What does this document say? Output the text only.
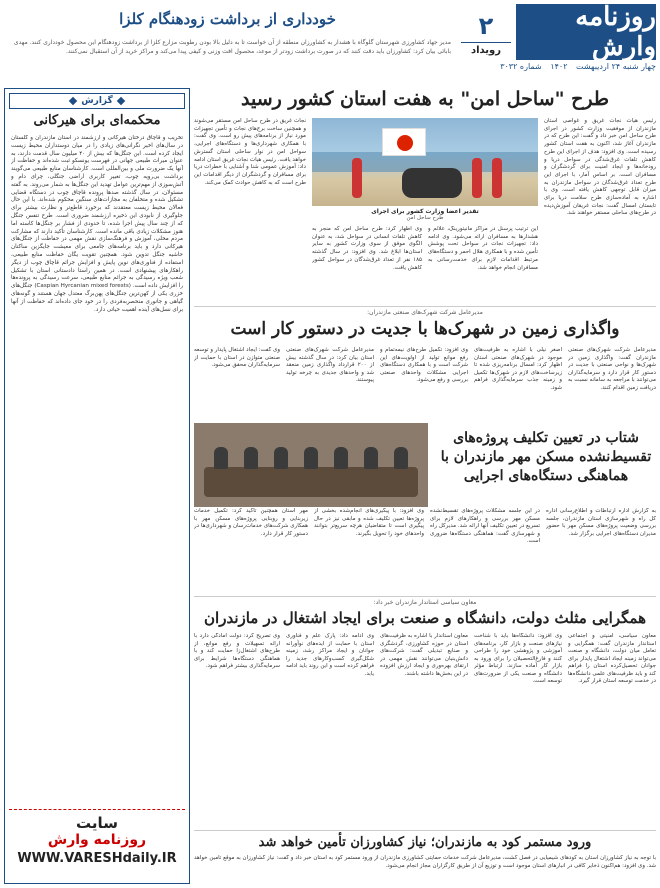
روزنامه وارش
۲
رویداد
چهار شنبه ۲۴ اردیبهشت ۱۴۰۲ شماره ۳۰۳۲
خودداری از برداشت زودهنگام کلزا
مدیر جهاد کشاورزی شهرستان گلوگاه با هشدار به کشاورزان منطقه از آن خواست تا به دلیل بالا بودن رطوبت مزارع کلزا از برداشت زودهنگام این محصول خودداری کنند. مهدی بابائی بیان کرد: کشاورزان باید دقت کنند که در صورت برداشت زودتر از موعد، محصول افت وزنی و کیفی پیدا می‌کند و مراکز خرید از آن استقبال نمی‌کنند.
گزارش
محکمه‌ای برای هیرکانی
تخریب و قاچاق درختان هیرکانی و ارزشمند در استان مازندران و گلستان در سال‌های اخیر نگرانی‌های زیادی را در میان دوستداران محیط زیست ایجاد کرده است. این جنگل‌ها که بیش از ۴۰ میلیون سال قدمت دارند، به عنوان میراث طبیعی جهانی در فهرست یونسکو ثبت شده‌اند و حفاظت از آنها یک ضرورت ملی و بین‌المللی است. کارشناسان منابع طبیعی می‌گویند برداشت بی‌رویه چوب، تغییر کاربری اراضی جنگلی، چرای دام و آتش‌سوزی از مهم‌ترین عوامل تهدید این جنگل‌ها به شمار می‌روند. به گفته مسئولان، در سال گذشته صدها پرونده قاچاق چوب در دستگاه قضایی تشکیل شده و متخلفان به مجازات‌های سنگین محکوم شده‌اند. با این حال فعالان محیط زیست معتقدند که برخورد قاطع‌تر و نظارت بیشتر برای جلوگیری از نابودی این ذخیره ارزشمند ضروری است. طرح تنفس جنگل که از چند سال پیش اجرا شده، تا حدودی از فشار بر جنگل‌ها کاسته اما هنوز مشکلات زیادی باقی مانده است. کارشناسان تأکید دارند که مشارکت مردم محلی، آموزش و فرهنگ‌سازی نقش مهمی در حفاظت از جنگل‌های هیرکانی دارد و باید برنامه‌های جامعی برای معیشت جایگزین ساکنان حاشیه جنگل تدوین شود. همچنین تقویت یگان حفاظت منابع طبیعی، استفاده از فناوری‌های نوین پایش و افزایش جرائم قاچاق چوب از دیگر راهکارهای پیشنهادی است. در همین راستا دادستانی استان با تشکیل شعب ویژه رسیدگی به جرائم منابع طبیعی، سرعت رسیدگی به پرونده‌ها را افزایش داده است. (Caspian Hyrcanian mixed forests) جنگل‌های خزری یکی از کهن‌ترین جنگل‌های پهن‌برگ معتدل جهان هستند و گونه‌های گیاهی و جانوری منحصربه‌فردی را در خود جای داده‌اند که حفاظت از آنها برای نسل‌های آینده اهمیت حیاتی دارد.
سایت
روزنامه وارش
WWW.VARESHdaily.IR
طرح "ساحل امن" به هفت استان کشور رسید
رئیس هیات نجات غریق و غواصی استان مازندران از موفقیت وزارت کشور در اجرای طرح ساحل امن خبر داد و گفت: این طرح که در مازندران آغاز شد، اکنون به هفت استان کشور رسیده است. وی افزود: هدف از اجرای این طرح کاهش تلفات غرق‌شدگی در سواحل دریا و رودخانه‌ها و ایجاد امنیت برای گردشگران و مسافران است. بر اساس آمار، با اجرای این طرح تعداد غرق‌شدگان در سواحل مازندران به میزان قابل توجهی کاهش یافته است. وی با اشاره به آماده‌سازی طرح سلامت دریا برای تابستان امسال گفت: نجات غریقان آموزش‌دیده در طرح‌های ساحلی مستقر خواهند شد.
تقدیر اعضا وزارت کشور برای اجرای
طرح ساحل امن
این ترتیب پرسنل در مراکز مانیتورینگ، علائم و هشدارها به مسافران ارائه می‌شود. وی ادامه داد: تجهیزات نجات در سواحل تحت پوشش تأمین شده و با همکاری هلال احمر و دستگاه‌های مرتبط اقدامات لازم برای خدمت‌رسانی به مسافران انجام خواهد شد.
وی اظهار کرد: طرح ساحل امن که منجر به کاهش تلفات انسانی در سواحل شد، به عنوان الگوی موفق از سوی وزارت کشور به سایر استان‌ها ابلاغ شد. وی افزود: در سال گذشته ۱۸۵ نفر از تعداد غرق‌شدگان در سواحل کشور کاهش یافت.
نجات غریق در طرح ساحل امن مستقر می‌شوند و همچنین ساخت برج‌های نجات و تأمین تجهیزات مورد نیاز از برنامه‌های پیش رو است. وی گفت: با همکاری شهرداری‌ها و دستگاه‌های اجرایی، سواحل امن در نوار ساحلی استان گسترش خواهد یافت. رئیس هیات نجات غریق استان ادامه داد: آموزش عمومی شنا و آشنایی با خطرات دریا برای مسافران و گردشگران از دیگر اقدامات این طرح است که به کاهش حوادث کمک می‌کند.
مدیرعامل شرکت شهرک‌های صنعتی مازندران:
واگذاری زمین در شهرک‌ها با جدیت در دستور کار است
مدیرعامل شرکت شهرک‌های صنعتی مازندران گفت: واگذاری زمین در شهرک‌ها و نواحی صنعتی با جدیت در دستور کار قرار دارد و سرمایه‌گذاران می‌توانند با مراجعه به سامانه نسبت به دریافت زمین اقدام کنند.
اصغر نیلی با اشاره به ظرفیت‌های موجود در شهرک‌های صنعتی استان اظهار کرد: امسال برنامه‌ریزی شده تا زیرساخت‌های لازم در شهرک‌ها تکمیل و زمینه جذب سرمایه‌گذاری فراهم شود.
وی افزود: تکمیل طرح‌های نیمه‌تمام و رفع موانع تولید از اولویت‌های این شرکت است و با همکاری دستگاه‌های اجرایی مشکلات واحدهای صنعتی بررسی و رفع می‌شود.
مدیرعامل شرکت شهرک‌های صنعتی استان بیان کرد: در سال گذشته بیش از ۲۰۰ قرارداد واگذاری زمین منعقد شد و واحدهای جدیدی به چرخه تولید پیوستند.
وی گفت: ایجاد اشتغال پایدار و توسعه صنعتی متوازن در استان با حمایت از سرمایه‌گذاران محقق می‌شود.
شتاب در تعیین تکلیف پروژه‌های تقسیط‌نشده مسکن مهر مازندران با هماهنگی دستگاه‌های اجرایی
به گزارش اداره ارتباطات و اطلاع‌رسانی اداره کل راه و شهرسازی استان مازندران، جلسه بررسی وضعیت پروژه‌های مسکن مهر با حضور مدیران دستگاه‌های اجرایی برگزار شد.
در این جلسه مشکلات پروژه‌های تقسیط‌نشده مسکن مهر بررسی و راهکارهای لازم برای تسریع در تعیین تکلیف آنها ارائه شد. مدیرکل راه و شهرسازی گفت: هماهنگی دستگاه‌ها ضروری است.
وی افزود: با پیگیری‌های انجام‌شده بخشی از پروژه‌ها تعیین تکلیف شده و مابقی نیز در حال پیگیری است تا متقاضیان هرچه سریع‌تر بتوانند واحدهای خود را تحویل بگیرند.
مهر استان همچنین تأکید کرد: تکمیل خدمات زیربنایی و روبنایی پروژه‌های مسکن مهر با همکاری شرکت‌های خدمات‌رسان و شهرداری‌ها در دستور کار قرار دارد.
معاون سیاسی استاندار مازندران خبر داد:
همگرایی مثلث دولت، دانشگاه و صنعت برای ایجاد اشتغال در مازندران
معاون سیاسی، امنیتی و اجتماعی استاندار مازندران گفت: همگرایی و تعامل میان دولت، دانشگاه و صنعت می‌تواند زمینه ایجاد اشتغال پایدار برای جوانان تحصیل‌کرده استان را فراهم کند و باید ظرفیت‌های علمی دانشگاه‌ها در خدمت توسعه استان قرار گیرد.
وی افزود: دانشگاه‌ها باید با شناخت نیازهای صنعت و بازار کار، برنامه‌های آموزشی و پژوهشی خود را طراحی کنند و فارغ‌التحصیلان را برای ورود به بازار کار آماده سازند. ارتباط مؤثر دانشگاه و صنعت یکی از ضرورت‌های توسعه است.
معاون استاندار با اشاره به ظرفیت‌های استان در حوزه کشاورزی، گردشگری و صنایع تبدیلی گفت: شرکت‌های دانش‌بنیان می‌توانند نقش مهمی در ارتقای بهره‌وری و ایجاد ارزش افزوده در این بخش‌ها داشته باشند.
وی ادامه داد: پارک علم و فناوری استان با حمایت از ایده‌های نوآورانه جوانان و ایجاد مراکز رشد، زمینه شکل‌گیری کسب‌وکارهای جدید را فراهم کرده است و این روند باید ادامه یابد.
وی تصریح کرد: دولت آمادگی دارد با ارائه تسهیلات و رفع موانع، از طرح‌های اشتغال‌زا حمایت کند و با هماهنگی دستگاه‌ها شرایط برای سرمایه‌گذاری بیشتر فراهم شود.
ورود مستمر کود به مازندران؛ نیاز کشاورزان تأمین خواهد شد
با توجه به نیاز کشاورزان استان به کودهای شیمیایی در فصل کشت، مدیرعامل شرکت خدمات حمایتی کشاورزی مازندران از ورود مستمر کود به استان خبر داد و گفت: نیاز کشاورزان به موقع تأمین خواهد شد. وی افزود: هم‌اکنون ذخایر کافی در انبارهای استان موجود است و توزیع آن از طریق کارگزاران مجاز انجام می‌شود.
